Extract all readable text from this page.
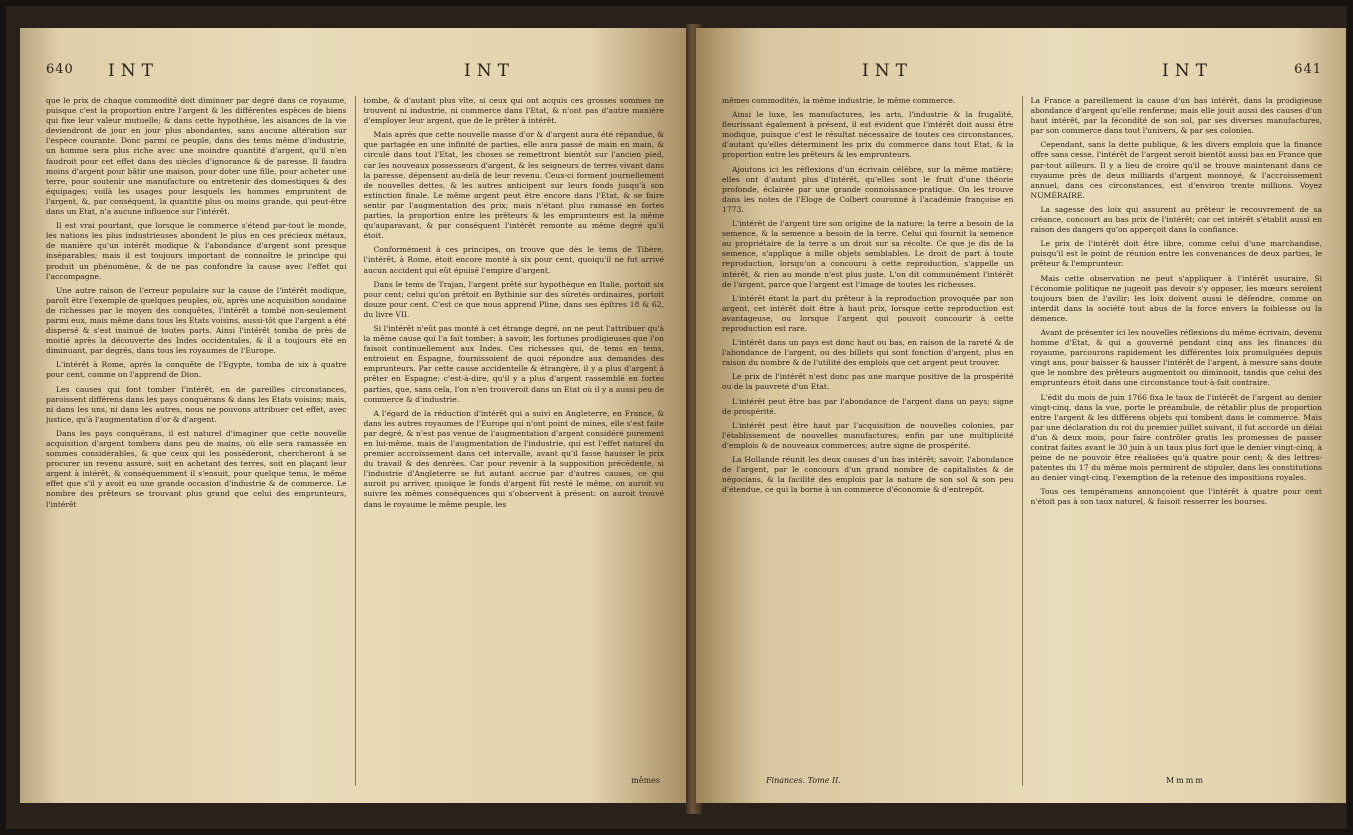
640 INT	INT

que le prix de chaque commodité doit diminuer par degré dans ce royaume, puisque c'est la proportion entre l'argent & les différentes espèces de biens qui fixe leur valeur mutuelle; & dans cette hypothèse, les aisances de la vie deviendront de jour en jour plus abondantes, sans aucune altération sur l'espèce courante. Donc parmi ce peuple, dans des tems même d'industrie, un homme sera plus riche avec une moindre quantité d'argent, qu'il n'en faudroit pour cet effet dans des siècles d'ignorance & de paresse. Il faudra moins d'argent pour bâtir une maison, pour doter une fille, pour acheter une terre, pour soutenir une manufacture ou entretenir des domestiques & des équipages; voilà les usages pour lesquels les hommes empruntent de l'argent, &, par conséquent, la quantité plus ou moins grande, qui peut-être dans un Etat, n'a aucune influence sur l'intérêt.

Il est vrai pourtant, que lorsque le commerce s'étend par-tout le monde, les nations les plus industrieuses abondent le plus en ces précieux métaux, de manière qu'un intérêt modique & l'abondance d'argent sont presque inséparables; mais il est toujours important de connoître le principe qui produit un phénomène, & de ne pas confondre la cause avec l'effet qui l'accompagne.

Une autre raison de l'erreur populaire sur la cause de l'intérêt modique, paroît être l'exemple de quelques peuples, où, après une acquisition soudaine de richesses par le moyen des conquêtes, l'intérêt a tombé non-seulement parmi eux, mais même dans tous les Etats voisins, aussi-tôt que l'argent a été dispersé & s'est insinué de toutes parts. Ainsi l'intérêt tomba de près de moitié après la découverte des Indes occidentales, & il a toujours été en diminuant, par degrés, dans tous les royaumes de l'Europe.

L'intérêt à Rome, après la conquête de l'Egypte, tomba de six à quatre pour cent, comme on l'apprend de Dion.

Les causes qui font tomber l'intérêt, en de pareilles circonstances, paroissent différens dans les pays conquérans & dans les Etats voisins; mais, ni dans les uns, ni dans les autres, nous ne pouvons attribuer cet effet, avec justice, qu'à l'augmentation d'or & d'argent.

Dans les pays conquérans, il est naturel d'imaginer que cette nouvelle acquisition d'argent tombera dans peu de mains, où elle sera ramassée en sommes considérables, & que ceux qui les posséderont, chercheront à se procurer un revenu assuré, soit en achetant des terres, soit en plaçant leur argent à intérêt, & conséquemment il s'ensuit, pour quelque tems, le même effet que s'il y avoit eu une grande occasion d'industrie & de commerce. Le nombre des prêteurs se trouvant plus grand que celui des emprunteurs, l'intérêt

tombe, & d'autant plus vîte, si ceux qui ont acquis ces grosses sommes ne trouvent ni industrie, ni commerce dans l'Etat, & n'ont pas d'autre manière d'employer leur argent, que de le prêter à intérêt.

Mais après que cette nouvelle masse d'or & d'argent aura été répandue, & que partagée en une infinité de parties, elle aura passé de main en main, & circulé dans tout l'Etat, les choses se remettront bientôt sur l'ancien pied, car les nouveaux possesseurs d'argent, & les seigneurs de terres vivant dans la paresse, dépensent au-delà de leur revenu. Ceux-ci forment journellement de nouvelles dettes, & les autres anticipent sur leurs fonds jusqu'à son extinction finale. Le même argent peut être encore dans l'Etat, & se faire sentir par l'augmentation des prix; mais n'étant plus ramassé en fortes parties, la proportion entre les prêteurs & les emprunteurs est la même qu'auparavant, & par conséquent l'intérêt remonte au même degré qu'il étoit.

Conformément à ces principes, on trouve que dès le tems de Tibère, l'intérêt, à Rome, étoit encore monté à six pour cent, quoiqu'il ne fut arrivé aucun accident qui eût épuisé l'empire d'argent.

Dans le tems de Trajan, l'argent prêté sur hypothèque en Italie, portoit six pour cent; celui qu'on prêtoit en Bythinie sur des sûretés ordinaires, portoit douze pour cent. C'est ce que nous apprend Pline, dans ses épîtres 18 & 62, du livre VII.

Si l'intérêt n'eût pas monté à cet étrange degré, on ne peut l'attribuer qu'à la même cause qui l'a fait tomber; à savoir, les fortunes prodigieuses que l'on faisoit continuellement aux Indes. Ces richesses qui, de tems en tems, entroient en Espagne, fournissoient de quoi répondre aux demandes des emprunteurs. Par cette cause accidentelle & étrangère, il y a plus d'argent à prêter en Espagne; c'est-à-dire, qu'il y a plus d'argent rassemblé en fortes parties, que, sans cela, l'on n'en trouveroit dans un Etat où il y a aussi peu de commerce & d'industrie.

A l'égard de la réduction d'intérêt qui a suivi en Angleterre, en France, & dans les autres royaumes de l'Europe qui n'ont point de mines, elle s'est faite par degré, & n'est pas venue de l'augmentation d'argent considéré purement en lui-même, mais de l'augmentation de l'industrie, qui est l'effet naturel du premier accroissement dans cet intervalle, avant qu'il fasse hausser le prix du travail & des denrées. Car pour revenir à la supposition précédente, si l'industrie d'Angleterre se fut autant accrue par d'autres causes, ce qui auroit pu arriver, quoique le fonds d'argent fût resté le même, on auroit vu suivre les mêmes conséquences qui s'observent à présent: on auroit trouvé dans le royaume le même peuple, les

mêmes
INT	INT	641

mêmes commodités, la même industrie, le même commerce.

Ainsi le luxe, les manufactures, les arts, l'industrie & la frugalité, fleurissant également à présent, il est évident que l'intérêt doit aussi être modique, puisque c'est le résultat nécessaire de toutes ces circonstances, d'autant qu'elles déterminent les prix du commerce dans tout Etat, & la proportion entre les prêteurs & les emprunteurs.

Ajoutons ici les réflexions d'un écrivain célèbre, sur la même matière; elles ont d'autant plus d'intérêt, qu'elles sont le fruit d'une théorie profonde, éclairée par une grande connoissance-pratique. On les trouve dans les notes de l'Eloge de Colbert couronné à l'académie françoise en 1773.

L'intérêt de l'argent tire son origine de la nature; la terre a besoin de la semence, & la semence a besoin de la terre. Celui qui fournit la semence au propriétaire de la terre a un droit sur sa récolte. Ce que je dis de la semence, s'applique à mille objets semblables. Le droit de part à toute reproduction, lorsqu'on a concouru à cette reproduction, s'appelle un intérêt, & rien au monde n'est plus juste. L'on dit communément l'intérêt de l'argent, parce que l'argent est l'image de toutes les richesses.

L'intérêt étant la part du prêteur à la reproduction provoquée par son argent, cet intérêt doit être à haut prix, lorsque cette reproduction est avantageuse, ou lorsque l'argent qui pouvoit concourir à cette reproduction est rare.

L'intérêt dans un pays est donc haut ou bas, en raison de la rareté & de l'abondance de l'argent, ou des billets qui sont fonction d'argent, plus en raison du nombre & de l'utilité des emplois que cet argent peut trouver.

Le prix de l'intérêt n'est donc pas une marque positive de la prospérité ou de la pauvreté d'un Etat.

L'intérêt peut être bas par l'abondance de l'argent dans un pays; signe de prospérité.

L'intérêt peut être haut par l'acquisition de nouvelles colonies, par l'établissement de nouvelles manufactures; enfin par une multiplicité d'emplois & de nouveaux commerces; autre signe de prospérité.

La Hollande réunit les deux causes d'un bas intérêt; savoir, l'abondance de l'argent, par le concours d'un grand nombre de capitalistes & de négocians, & la facilité des emplois par la nature de son sol & son peu d'étendue, ce qui la borne à un commerce d'économie & d'entrepôt.

La France a pareillement la cause d'un bas intérêt, dans la prodigieuse abondance d'argent qu'elle renferme; mais elle jouit aussi des causes d'un haut intérêt, par la fécondité de son sol, par ses diverses manufactures, par son commerce dans tout l'univers, & par ses colonies.

Cependant, sans la dette publique, & les divers emplois que la finance offre sans cesse, l'intérêt de l'argent seroit bientôt aussi bas en France que par-tout ailleurs. Il y a lieu de croire qu'il se trouve maintenant dans ce royaume près de deux milliards d'argent monnoyé, & l'accroissement annuel, dans ces circonstances, est d'environ trente millions. Voyez NUMÉRAIRE.

La sagesse des loix qui assurent au prêteur le recouvrement de sa créance, concourt au bas prix de l'intérêt; car cet intérêt s'établit aussi en raison des dangers qu'on apperçoit dans la confiance.

Le prix de l'intérêt doit être libre, comme celui d'une marchandise, puisqu'il est le point de réunion entre les convenances de deux parties, le prêteur & l'emprunteur.

Mais cette observation ne peut s'appliquer à l'intérêt usuraire. Si l'économie politique ne jugeoit pas devoir s'y opposer, les mœurs seroient toujours bien de l'avilir; les loix doivent aussi le défendre, comme on interdit dans la société tout abus de la force envers la foiblesse ou la démence.

Avant de présenter ici les nouvelles réflexions du même écrivain, devenu homme d'Etat, & qui a gouverné pendant cinq ans les finances du royaume, parcourons rapidement les différentes loix promulguées depuis vingt ans, pour baisser & hausser l'intérêt de l'argent, à mesure sans doute que le nombre des prêteurs augmentoit ou diminuoit, tandis que celui des emprunteurs étoit dans une circonstance tout-à-fait contraire.

L'édit du mois de juin 1766 fixa le taux de l'intérêt de l'argent au denier vingt-cinq, dans la vue, porte le préambule, de rétablir plus de proportion entre l'argent & les différens objets qui tombent dans le commerce. Mais par une déclaration du roi du premier juillet suivant, il fut accordé un délai d'un & deux mois, pour faire contrôler gratis les promesses de passer contrat faites avant le 30 juin à un taux plus fort que le denier vingt-cinq, à peine de ne pouvoir être réalisées qu'à quatre pour cent; & des lettres-patentes du 17 du même mois permirent de stipuler, dans les constitutions au denier vingt-cinq, l'exemption de la retenue des impositions royales.

Tous ces tempéramens annonçoient que l'intérêt à quatre pour cent n'étoit pas à son taux naturel, & faisoit resserrer les bourses.

Finances. Tome II.	Mmmm
